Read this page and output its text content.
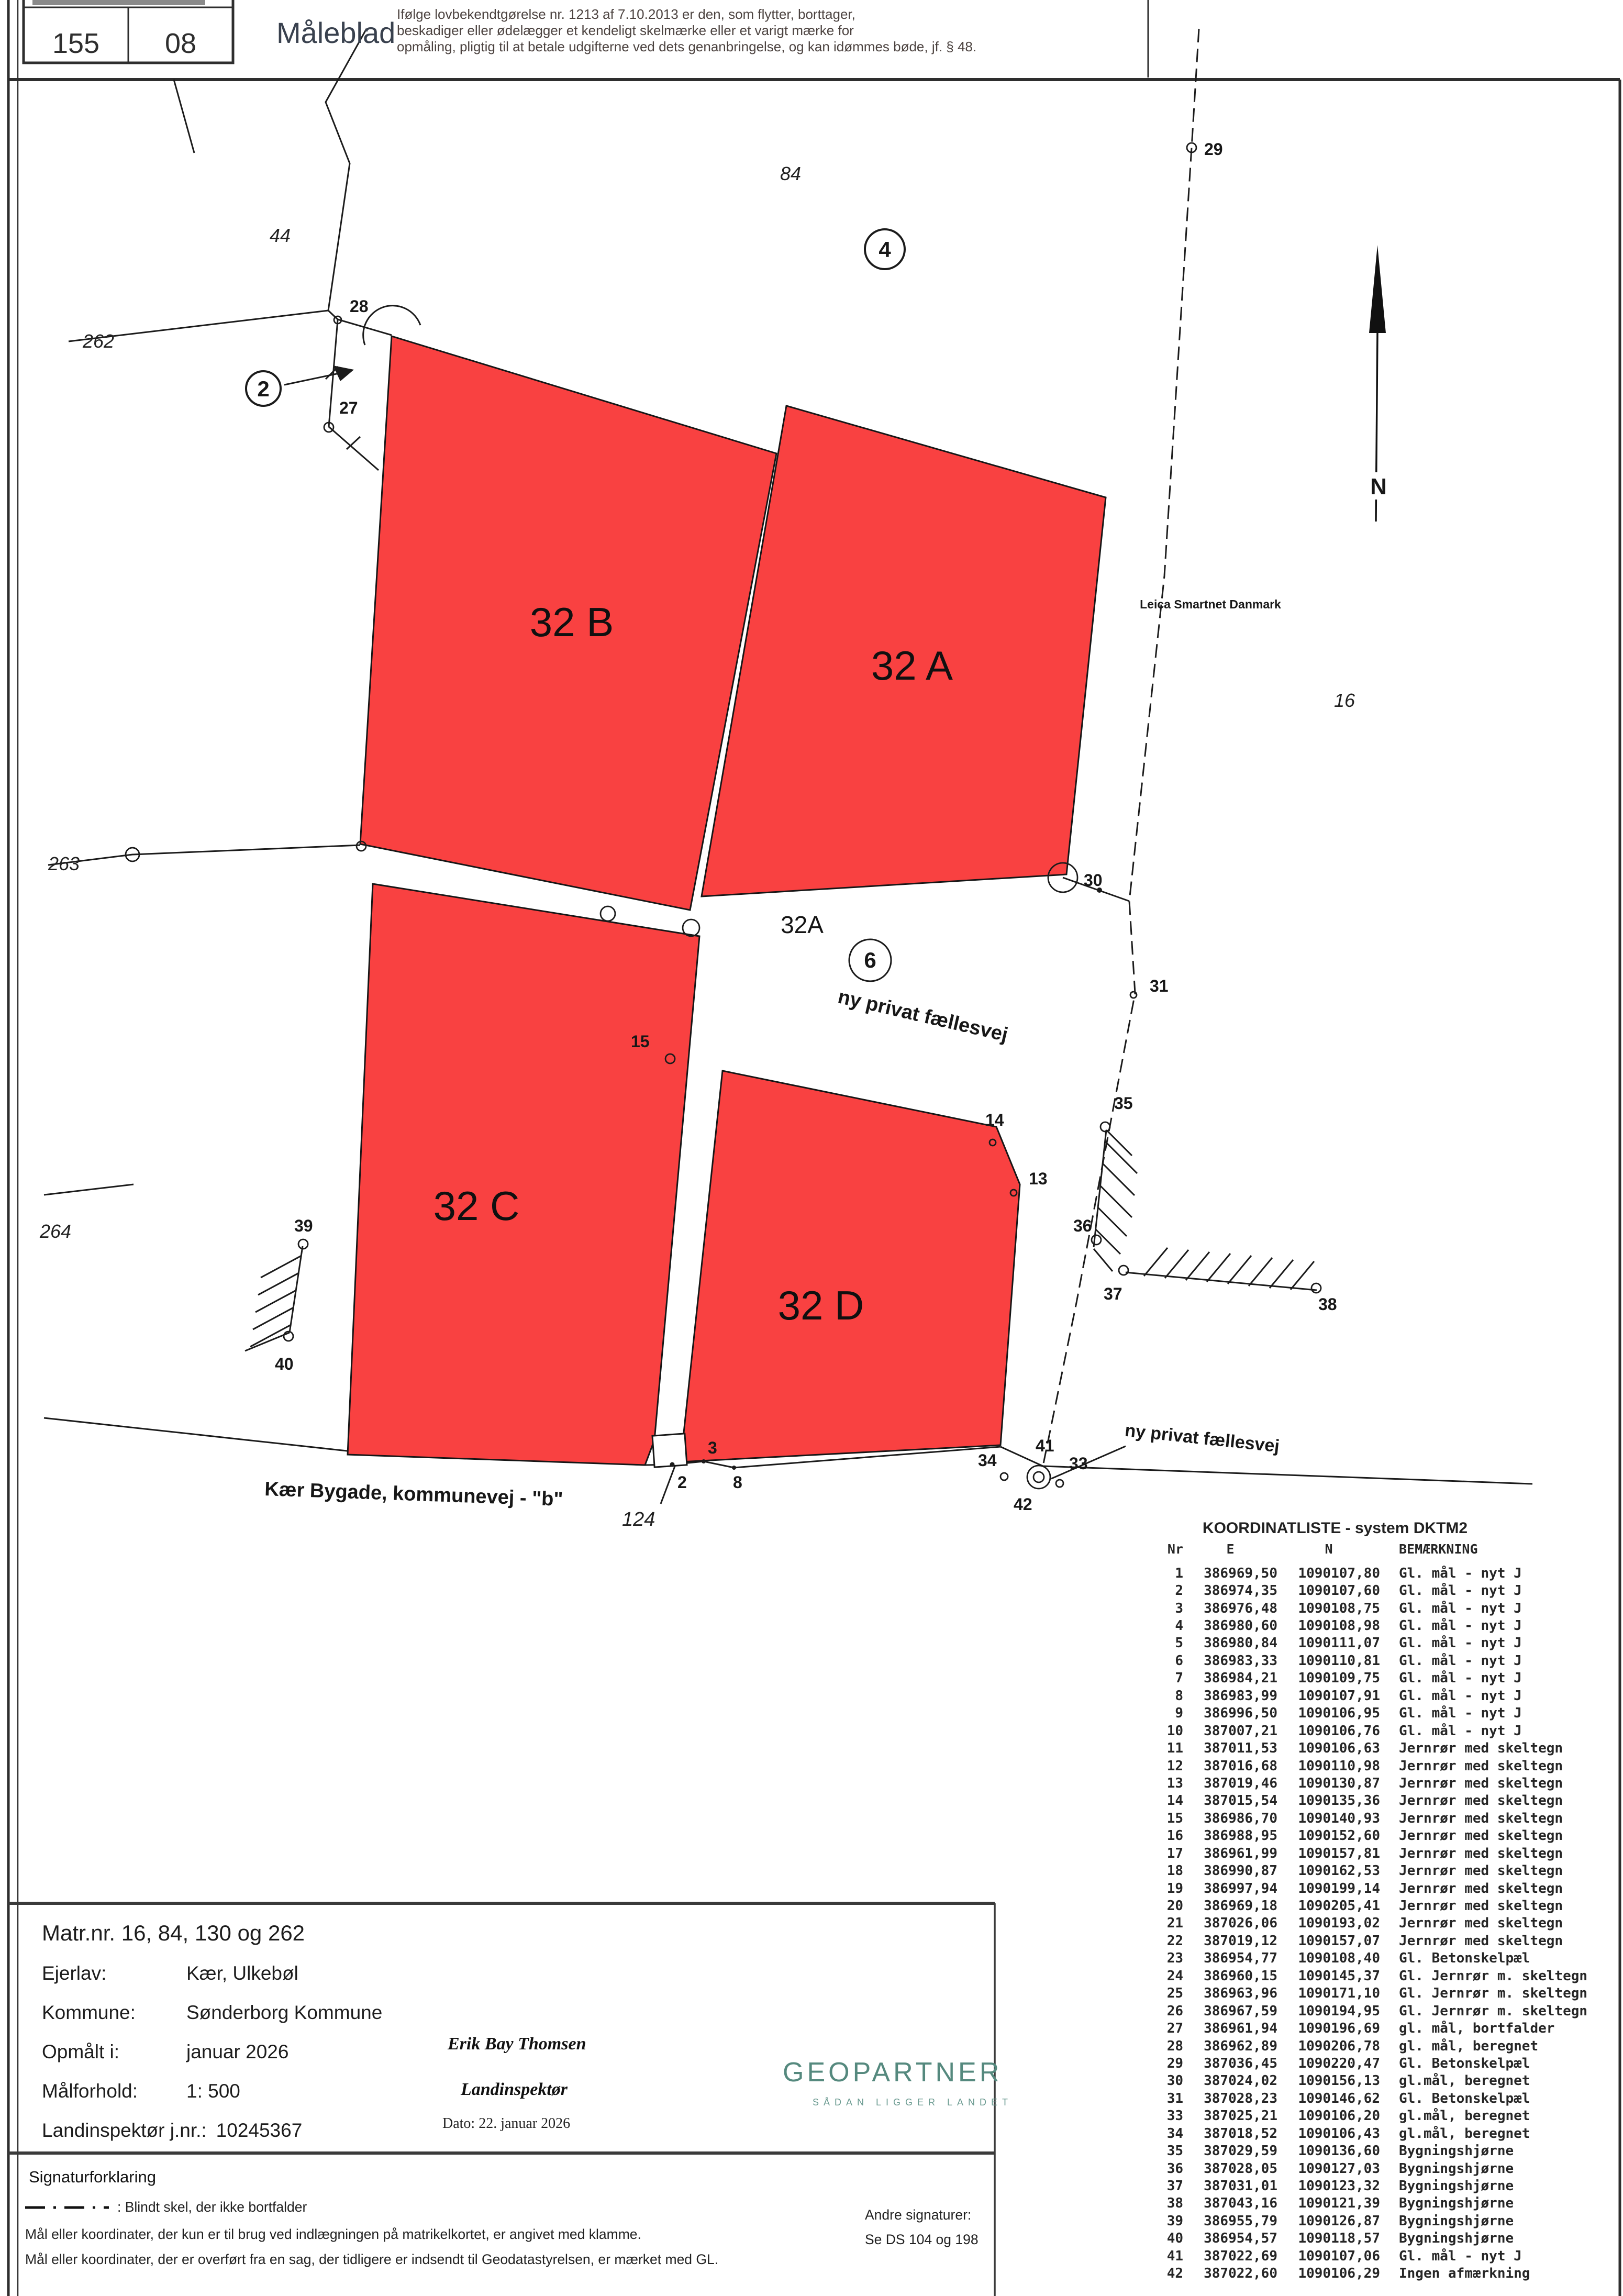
N
Leica Smartnet Danmark
2
4
6
32 B
32 A
32 C
32 D
32A
Kær Bygade, kommunevej - "b"
ny privat fællesvej
ny privat fællesvej
44
84
16
262
263
264
124
29
28
27
30
31
15
14
13
35
36
37
38
39
40
34
41
33
42
2
3
8
155	08	Måleblad
Ifølge lovbekendtgørelse nr. 1213 af 7.10.2013 er den, som flytter, borttager,
beskadiger eller ødelægger et kendeligt skelmærke eller et varigt mærke for
opmåling, pligtig til at betale udgifterne ved dets genanbringelse, og kan idømmes bøde, jf. § 48.
KOORDINATLISTE - system DKTM2
Nr	E	N	BEMÆRKNING
1	386969,50	1090107,80	Gl. mål - nyt J
2	386974,35	1090107,60	Gl. mål - nyt J
3	386976,48	1090108,75	Gl. mål - nyt J
4	386980,60	1090108,98	Gl. mål - nyt J
5	386980,84	1090111,07	Gl. mål - nyt J
6	386983,33	1090110,81	Gl. mål - nyt J
7	386984,21	1090109,75	Gl. mål - nyt J
8	386983,99	1090107,91	Gl. mål - nyt J
9	386996,50	1090106,95	Gl. mål - nyt J
10	387007,21	1090106,76	Gl. mål - nyt J
11	387011,53	1090106,63	Jernrør med skeltegn
12	387016,68	1090110,98	Jernrør med skeltegn
13	387019,46	1090130,87	Jernrør med skeltegn
14	387015,54	1090135,36	Jernrør med skeltegn
15	386986,70	1090140,93	Jernrør med skeltegn
16	386988,95	1090152,60	Jernrør med skeltegn
17	386961,99	1090157,81	Jernrør med skeltegn
18	386990,87	1090162,53	Jernrør med skeltegn
19	386997,94	1090199,14	Jernrør med skeltegn
20	386969,18	1090205,41	Jernrør med skeltegn
21	387026,06	1090193,02	Jernrør med skeltegn
22	387019,12	1090157,07	Jernrør med skeltegn
23	386954,77	1090108,40	Gl. Betonskelpæl
24	386960,15	1090145,37	Gl. Jernrør m. skeltegn
25	386963,96	1090171,10	Gl. Jernrør m. skeltegn
26	386967,59	1090194,95	Gl. Jernrør m. skeltegn
27	386961,94	1090196,69	gl. mål, bortfalder
28	386962,89	1090206,78	gl. mål, beregnet
29	387036,45	1090220,47	Gl. Betonskelpæl
30	387024,02	1090156,13	gl.mål, beregnet
31	387028,23	1090146,62	Gl. Betonskelpæl
33	387025,21	1090106,20	gl.mål, beregnet
34	387018,52	1090106,43	gl.mål, beregnet
35	387029,59	1090136,60	Bygningshjørne
36	387028,05	1090127,03	Bygningshjørne
37	387031,01	1090123,32	Bygningshjørne
38	387043,16	1090121,39	Bygningshjørne
39	386955,79	1090126,87	Bygningshjørne
40	386954,57	1090118,57	Bygningshjørne
41	387022,69	1090107,06	Gl. mål - nyt J
42	387022,60	1090106,29	Ingen afmærkning
Matr.nr. 16, 84, 130 og 262
Ejerlav:	Kær, Ulkebøl
Kommune:	Sønderborg Kommune
Opmålt i:	januar 2026
Målforhold:	1: 500
Landinspektør j.nr.: 10245367
Erik Bay Thomsen
Landinspektør
Dato: 22. januar 2026
GEOPARTNER
SÅDAN LIGGER LANDET
Signaturforklaring
: Blindt skel, der ikke bortfalder
Mål eller koordinater, der kun er til brug ved indlægningen på matrikelkortet, er angivet med klamme.
Mål eller koordinater, der er overført fra en sag, der tidligere er indsendt til Geodatastyrelsen, er mærket med GL.
Andre signaturer:
Se DS 104 og 198
